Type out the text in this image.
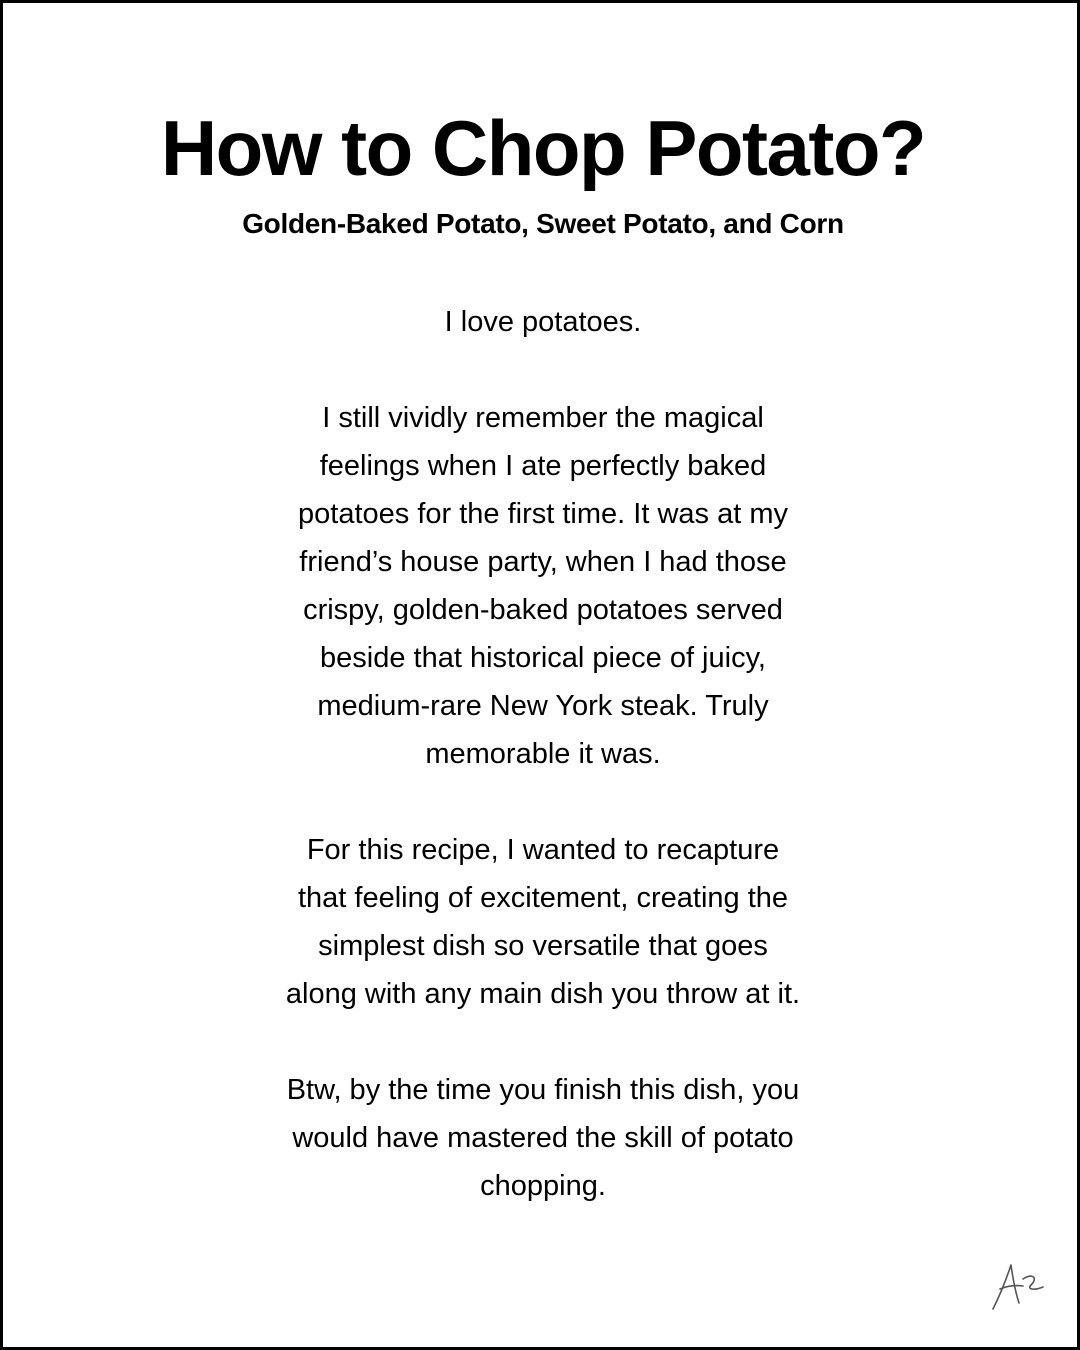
How to Chop Potato?
Golden-Baked Potato, Sweet Potato, and Corn

I love potatoes.

I still vividly remember the magical
feelings when I ate perfectly baked
potatoes for the first time. It was at my
friend’s house party, when I had those
crispy, golden-baked potatoes served
beside that historical piece of juicy,
medium-rare New York steak. Truly
memorable it was.

For this recipe, I wanted to recapture
that feeling of excitement, creating the
simplest dish so versatile that goes
along with any main dish you throw at it.

Btw, by the time you finish this dish, you
would have mastered the skill of potato
chopping.
